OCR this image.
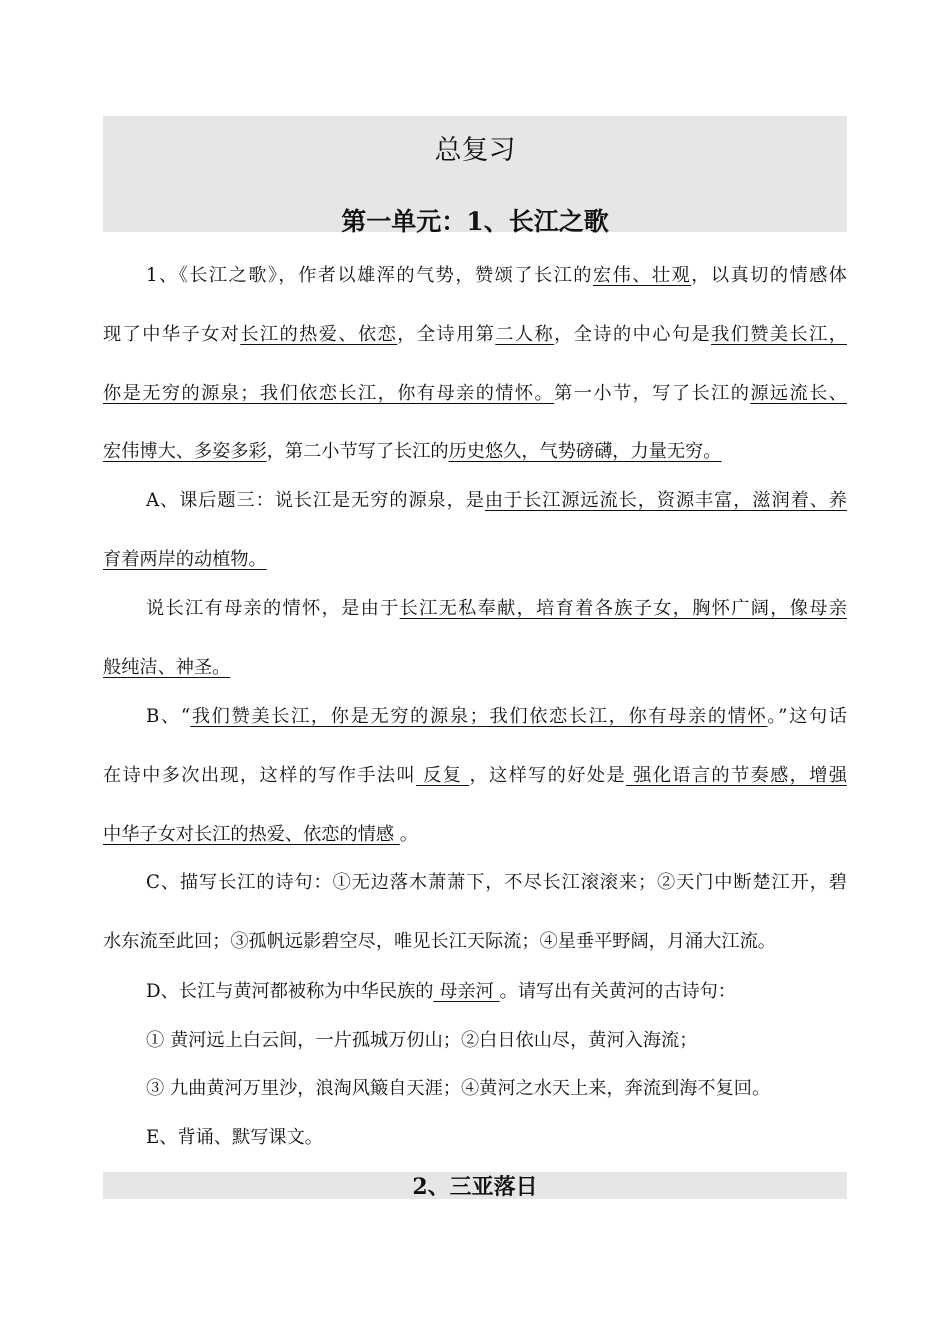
总复习
第一单元：1、长江之歌
1、《长江之歌》，作者以雄浑的气势，赞颂了长江的宏伟、壮观，以真切的情感体
现了中华子女对长江的热爱、依恋，全诗用第二人称，全诗的中心句是我们赞美长江，
你是无穷的源泉；我们依恋长江，你有母亲的情怀。第一小节，写了长江的源远流长、
宏伟博大、多姿多彩，第二小节写了长江的历史悠久，气势磅礴，力量无穷。
A、课后题三：说长江是无穷的源泉，是由于长江源远流长，资源丰富，滋润着、养
育着两岸的动植物。
说长江有母亲的情怀，是由于长江无私奉献，培育着各族子女，胸怀广阔，像母亲
般纯洁、神圣。
B、“我们赞美长江，你是无穷的源泉；我们依恋长江，你有母亲的情怀。”这句话
在诗中多次出现，这样的写作手法叫 反复 ，这样写的好处是 强化语言的节奏感，增强
中华子女对长江的热爱、依恋的情感 。
C、描写长江的诗句：①无边落木萧萧下，不尽长江滚滚来；②天门中断楚江开，碧
水东流至此回；③孤帆远影碧空尽，唯见长江天际流；④星垂平野阔，月涌大江流。
D、长江与黄河都被称为中华民族的 母亲河 。请写出有关黄河的古诗句：
① 黄河远上白云间，一片孤城万仞山；②白日依山尽，黄河入海流；
③ 九曲黄河万里沙，浪淘风簸自天涯；④黄河之水天上来，奔流到海不复回。
E、背诵、默写课文。
2、三亚落日
